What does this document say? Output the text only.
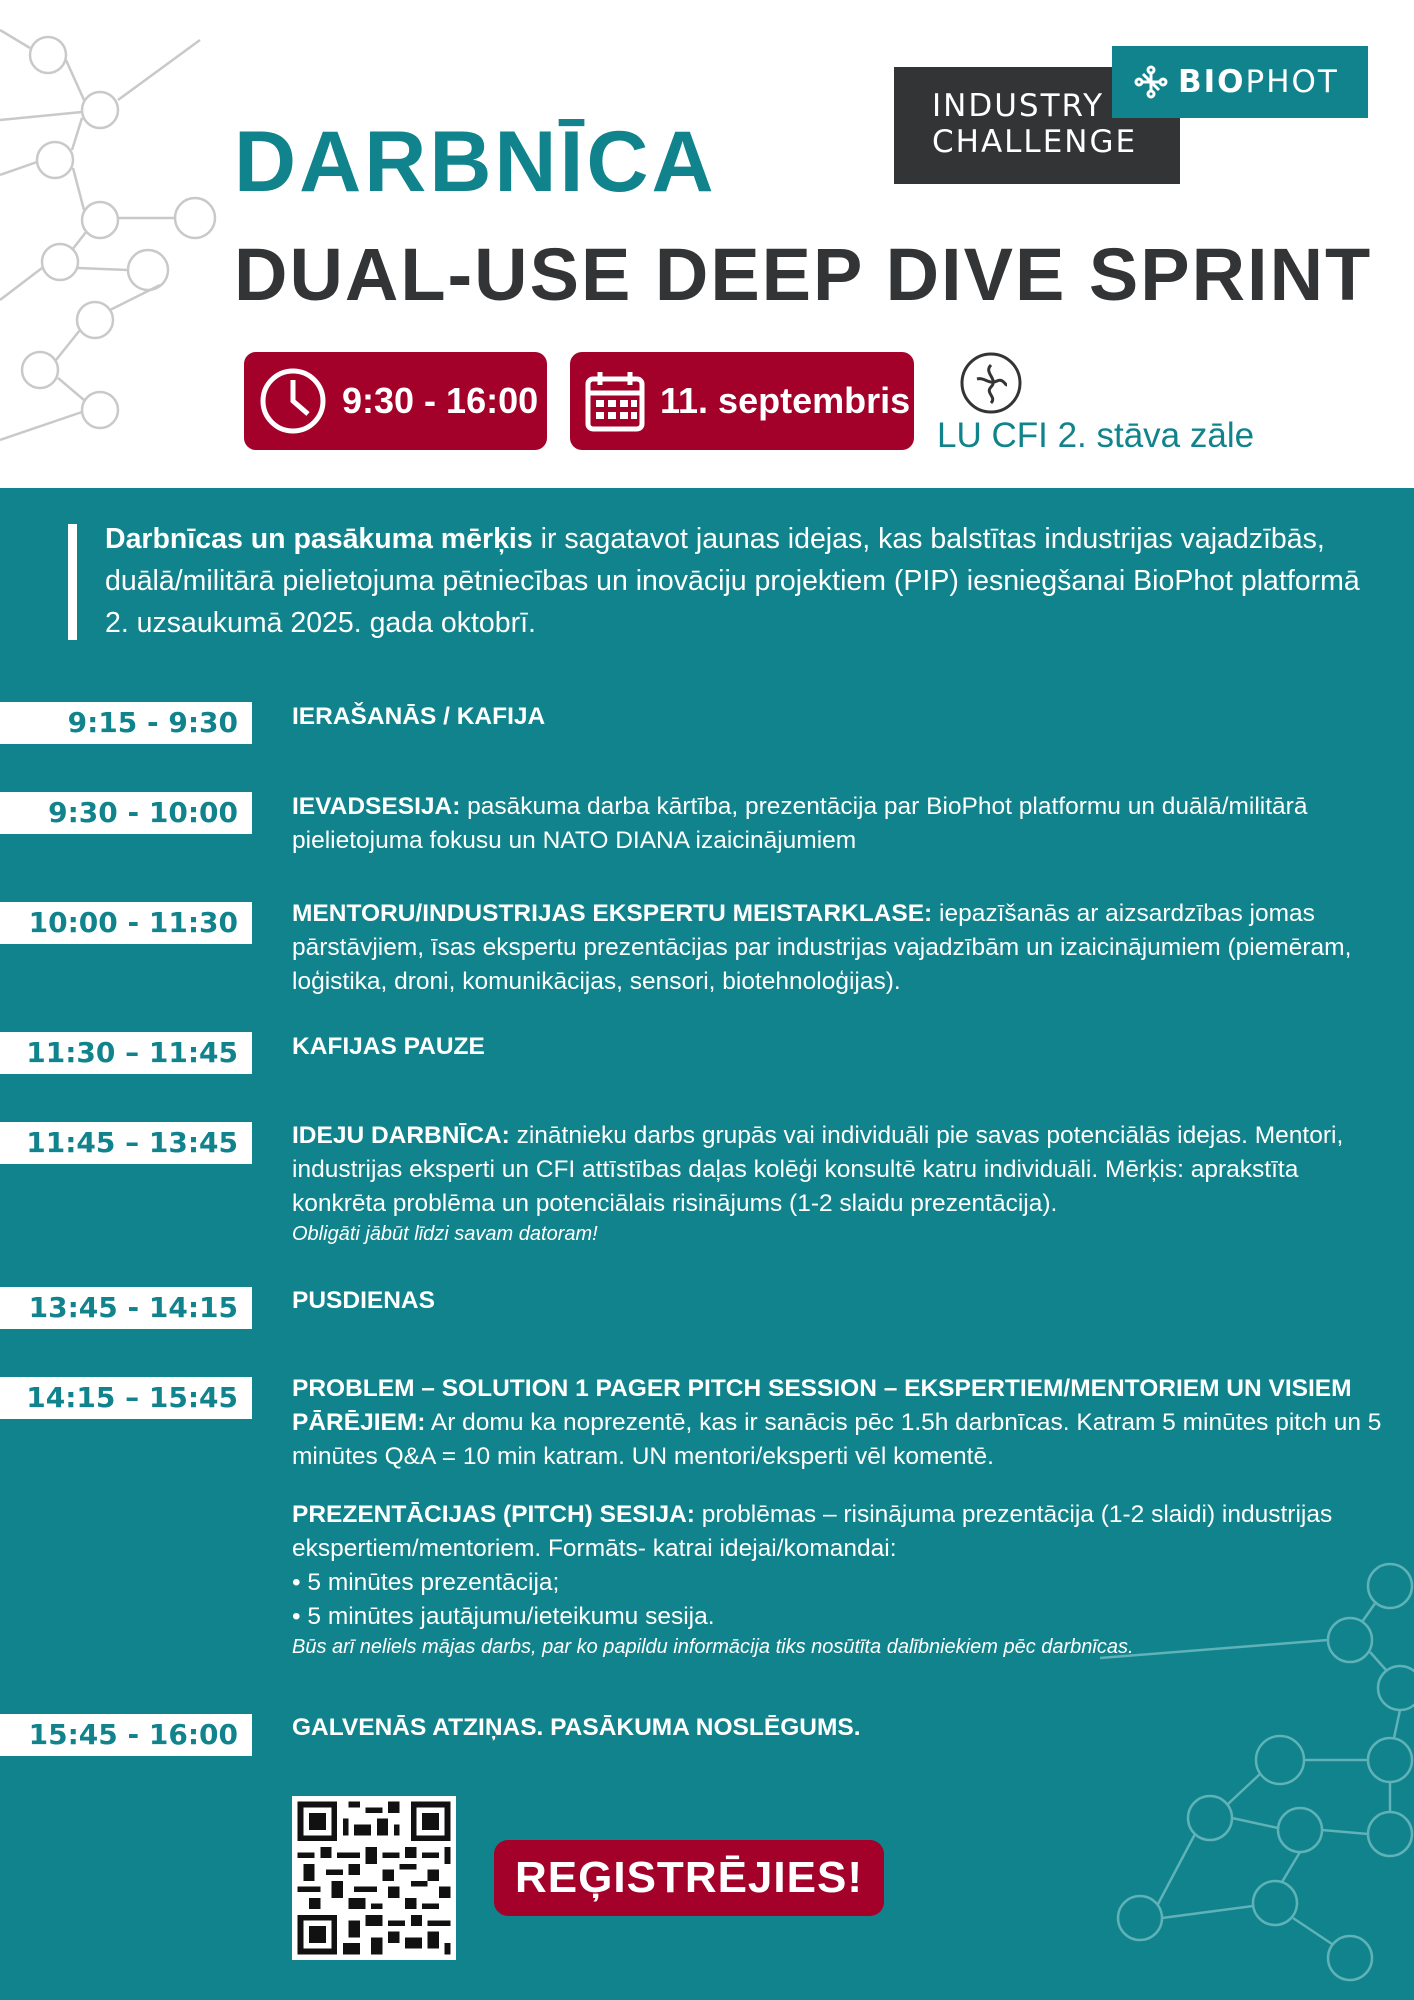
INDUSTRY
CHALLENGE
BIOPHOT
DARBNĪCA
DUAL-USE DEEP DIVE SPRINT
9:30 - 16:00	11. septembris
LU CFI 2. stāva zāle
Darbnīcas un pasākuma mērķis ir sagatavot jaunas idejas, kas balstītas industrijas vajadzībās, duālā/militārā pielietojuma pētniecības un inovāciju projektiem (PIP) iesniegšanai BioPhot platformā 2. uzsaukumā 2025. gada oktobrī.
9:15 - 9:30	IERAŠANĀS / KAFIJA
9:30 - 10:00	IEVADSESIJA: pasākuma darba kārtība, prezentācija par BioPhot platformu un duālā/militārā pielietojuma fokusu un NATO DIANA izaicinājumiem
10:00 - 11:30	MENTORU/INDUSTRIJAS EKSPERTU MEISTARKLASE: iepazīšanās ar aizsardzības jomas pārstāvjiem, īsas ekspertu prezentācijas par industrijas vajadzībām un izaicinājumiem (piemēram, loģistika, droni, komunikācijas, sensori, biotehnoloģijas).
11:30 – 11:45	KAFIJAS PAUZE
11:45 – 13:45	IDEJU DARBNĪCA: zinātnieku darbs grupās vai individuāli pie savas potenciālās idejas. Mentori, industrijas eksperti un CFI attīstības daļas kolēģi konsultē katru individuāli. Mērķis: aprakstīta konkrēta problēma un potenciālais risinājums (1-2 slaidu prezentācija).
Obligāti jābūt līdzi savam datoram!
13:45 - 14:15	PUSDIENAS
14:15 – 15:45	PROBLEM – SOLUTION 1 PAGER PITCH SESSION – EKSPERTIEM/MENTORIEM UN VISIEM PĀRĒJIEM: Ar domu ka noprezentē, kas ir sanācis pēc 1.5h darbnīcas. Katram 5 minūtes pitch un 5 minūtes Q&A = 10 min katram. UN mentori/eksperti vēl komentē.
PREZENTĀCIJAS (PITCH) SESIJA: problēmas – risinājuma prezentācija (1-2 slaidi) industrijas ekspertiem/mentoriem. Formāts- katrai idejai/komandai:
• 5 minūtes prezentācija;
• 5 minūtes jautājumu/ieteikumu sesija.
Būs arī neliels mājas darbs, par ko papildu informācija tiks nosūtīta dalībniekiem pēc darbnīcas.
15:45 - 16:00	GALVENĀS ATZIŅAS. PASĀKUMA NOSLĒGUMS.
REĢISTRĒJIES!
